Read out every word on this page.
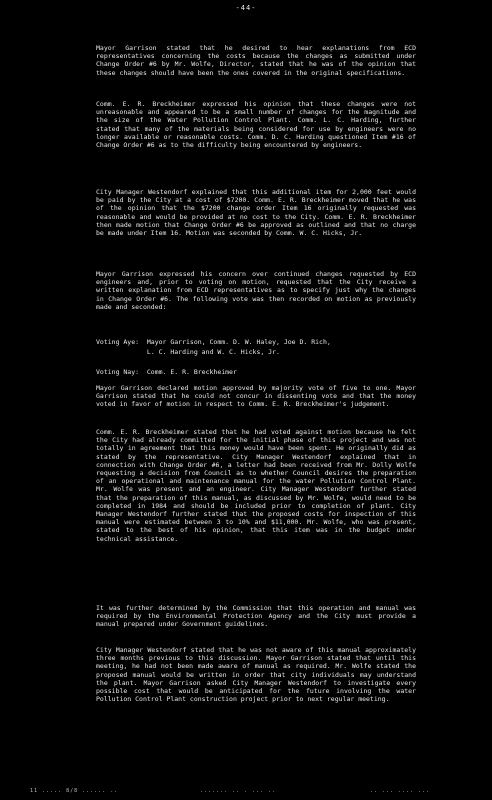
-44-

Mayor Garrison stated that he desired to hear explanations from ECD representatives concerning the costs because the changes as submitted under Change Order #6 by Mr. Wolfe, Director, stated that he was of the opinion that these changes should have been the ones covered in the original specifications.

Comm. E. R. Breckheimer expressed his opinion that these changes were not unreasonable and appeared to be a small number of changes for the magnitude and the size of the Water Pollution Control Plant. Comm. L. C. Harding, further stated that many of the materials being considered for use by engineers were no longer available or reasonable costs. Comm. D. C. Harding questioned Item #16 of Change Order #6 as to the difficulty being encountered by engineers.

City Manager Westendorf explained that this additional item for 2,000 feet would be paid by the City at a cost of $7200. Comm. E. R. Breckheimer moved that he was of the opinion that the $7200 change order Item 16 originally requested was reasonable and would be provided at no cost to the City. Comm. E. R. Breckheimer then made motion that Change Order #6 be approved as outlined and that no charge be made under Item 16. Motion was seconded by Comm. W. C. Hicks, Jr.

Mayor Garrison expressed his concern over continued changes requested by ECD engineers and, prior to voting on motion, requested that the City receive a written explanation from ECD representatives as to specify just why the changes in Change Order #6. The following vote was then recorded on motion as previously made and seconded:

Voting Aye:  Mayor Garrison, Comm. D. W. Haley, Joe D. Rich,

L. C. Harding and W. C. Hicks, Jr.

Voting Nay:  Comm. E. R. Breckheimer

Mayor Garrison declared motion approved by majority vote of five to one. Mayor Garrison stated that he could not concur in dissenting vote and that the money voted in favor of motion in respect to Comm. E. R. Breckheimer's judgement.

Comm. E. R. Breckheimer stated that he had voted against motion because he felt the City had already committed for the initial phase of this project and was not totally in agreement that this money would have been spent. He originally did as stated by the representative. City Manager Westendorf explained that in connection with Change Order #6, a letter had been received from Mr. Dolly Wolfe requesting a decision from Council as to whether Council desires the preparation of an operational and maintenance manual for the water Pollution Control Plant. Mr. Wolfe was present and an engineer. City Manager Westendorf further stated that the preparation of this manual, as discussed by Mr. Wolfe, would need to be completed in 1984 and should be included prior to completion of plant. City Manager Westendorf further stated that the proposed costs for inspection of this manual were estimated between 3 to 10% and $11,000. Mr. Wolfe, who was present, stated to the best of his opinion, that this item was in the budget under technical assistance.

It was further determined by the Commission that this operation and manual was required by the Environmental Protection Agency and the City must provide a manual prepared under Government guidelines.

City Manager Westendorf stated that he was not aware of this manual approximately three months previous to this discussion. Mayor Garrison stated that until this meeting, he had not been made aware of manual as required. Mr. Wolfe stated the proposed manual would be written in order that city individuals may understand the plant. Mayor Garrison asked City Manager Westendorf to investigate every possible cost that would be anticipated for the future involving the water Pollution Control Plant construction project prior to next regular meeting.

11 ..... 8/8 ...... ..	....... .. . ... ..	.. ... .... ...
